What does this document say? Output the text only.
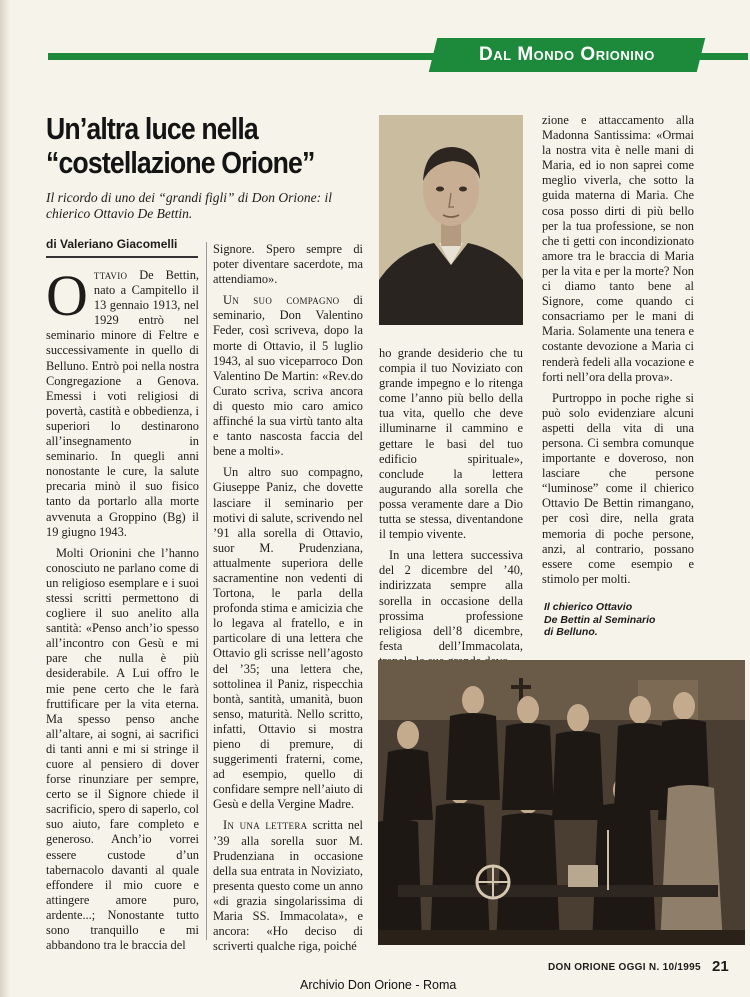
Dal Mondo Orionino
Un’altra luce nella
“costellazione Orione”
Il ricordo di uno dei “grandi figli” di Don Orione: il chierico Ottavio De Bettin.
di Valeriano Giacomelli

Ottavio De Bettin, nato a Campitello il 13 gennaio 1913, nel 1929 entrò nel seminario minore di Feltre e successivamente in quello di Belluno. Entrò poi nella nostra Congregazione a Genova. Emessi i voti religiosi di povertà, castità e obbedienza, i superiori lo destinarono all’insegnamento in seminario. In quegli anni nonostante le cure, la salute precaria minò il suo fisico tanto da portarlo alla morte avvenuta a Groppino (Bg) il 19 giugno 1943.

Molti Orionini che l’hanno conosciuto ne parlano come di un religioso esemplare e i suoi stessi scritti permettono di cogliere il suo anelito alla santità: «Penso anch’io spesso all’incontro con Gesù e mi pare che nulla è più desiderabile. A Lui offro le mie pene certo che le farà fruttificare per la vita eterna. Ma spesso penso anche all’altare, ai sogni, ai sacrifici di tanti anni e mi si stringe il cuore al pensiero di dover forse rinunziare per sempre, certo se il Signore chiede il sacrificio, spero di saperlo, col suo aiuto, fare completo e generoso. Anch’io vorrei essere custode d’un tabernacolo davanti al quale effondere il mio cuore e attingere amore puro, ardente...; Nonostante tutto sono tranquillo e mi abbandono tra le braccia del

Signore. Spero sempre di poter diventare sacerdote, ma attendiamo».

Un suo compagno di seminario, Don Valentino Feder, così scriveva, dopo la morte di Ottavio, il 5 luglio 1943, al suo viceparroco Don Valentino De Martin: «Rev.do Curato scriva, scriva ancora di questo mio caro amico affinché la sua virtù tanto alta e tanto nascosta faccia del bene a molti».

Un altro suo compagno, Giuseppe Paniz, che dovette lasciare il seminario per motivi di salute, scrivendo nel ’91 alla sorella di Ottavio, suor M. Prudenziana, attualmente superiora delle sacramentine non vedenti di Tortona, le parla della profonda stima e amicizia che lo legava al fratello, e in particolare di una lettera che Ottavio gli scrisse nell’agosto del ’35; una lettera che, sottolinea il Paniz, rispecchia bontà, santità, umanità, buon senso, maturità. Nello scritto, infatti, Ottavio si mostra pieno di premure, di suggerimenti fraterni, come, ad esempio, quello di confidare sempre nell’aiuto di Gesù e della Vergine Madre.

In una lettera scritta nel ’39 alla sorella suor M. Prudenziana in occasione della sua entrata in Noviziato, presenta questo come un anno «di grazia singolarissima di Maria SS. Immacolata», e ancora: «Ho deciso di scriverti qualche riga, poiché

ho grande desiderio che tu compia il tuo Noviziato con grande impegno e lo ritenga come l’anno più bello della tua vita, quello che deve illuminarne il cammino e gettare le basi del tuo edificio spirituale», conclude la lettera augurando alla sorella che possa veramente dare a Dio tutta se stessa, diventandone il tempio vivente.

In una lettera successiva del 2 dicembre del ’40, indirizzata sempre alla sorella in occasione della prossima professione religiosa dell’8 dicembre, festa dell’Immacolata,

zione e attaccamento alla Madonna Santissima: «Ormai la nostra vita è nelle mani di Maria, ed io non saprei come meglio viverla, che sotto la guida materna di Maria. Che cosa posso dirti di più bello per la tua professione, se non che ti getti con incondizionato amore tra le braccia di Maria per la vita e per la morte? Non ci diamo tanto bene al Signore, come quando ci consacriamo per le mani di Maria. Solamente una tenera e costante devozione a Maria ci renderà fedeli alla vocazione e forti nell’ora della prova».

Purtroppo in poche righe si può solo evidenziare alcuni aspetti della vita di una persona. Ci sembra comunque importante e doveroso, non lasciare che persone “luminose” come il chierico Ottavio De Bettin rimangano, per così dire, nella grata memoria di poche persone, anzi, al contrario, possano essere come esempio e stimolo per molti.

Il chierico Ottavio
De Bettin al Seminario
di Belluno.
DON ORIONE OGGI N. 10/1995 21
Archivio Don Orione - Roma
